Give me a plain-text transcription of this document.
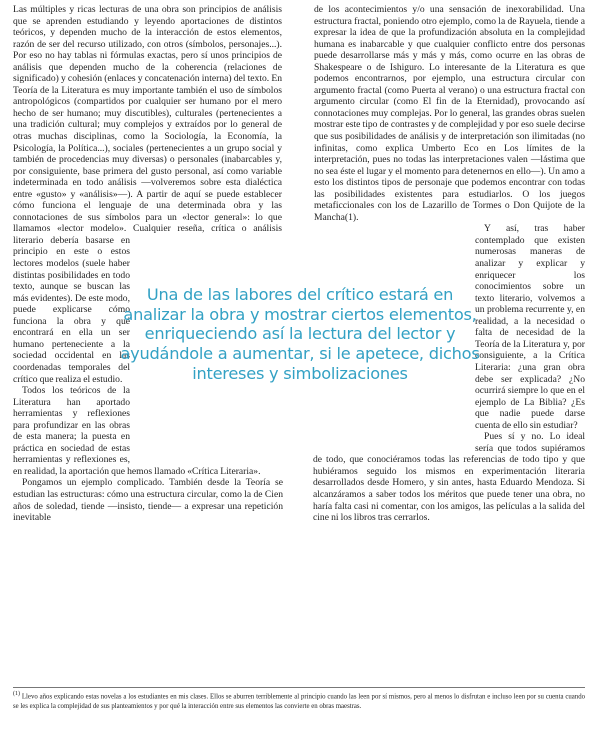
Las múltiples y ricas lecturas de una obra son principios de análisis que se aprenden estudiando y leyendo aportaciones de distintos teóricos, y dependen mucho de la interacción de estos elementos, razón de ser del recurso utilizado, con otros (símbolos, personajes...). Por eso no hay tablas ni fórmulas exactas, pero sí unos principios de análisis que dependen mucho de la coherencia (relaciones de significado) y cohesión (enlaces y concatenación interna) del texto. En Teoría de la Literatura es muy importante también el uso de símbolos antropológicos (compartidos por cualquier ser humano por el mero hecho de ser humano; muy discutibles), culturales (pertenecientes a una tradición cultural; muy complejos y extraídos por lo general de otras muchas disciplinas, como la Sociología, la Economía, la Psicología, la Política...), sociales (pertenecientes a un grupo social y también de procedencias muy diversas) o personales (inabarcables y, por consiguiente, base primera del gusto personal, así como variable indeterminada en todo análisis —volveremos sobre esta dialéctica entre «gusto» y «análisis»—). A partir de aquí se puede establecer cómo funciona el lenguaje de una determinada obra y las connotaciones de sus símbolos para un «lector general»: lo que llamamos «lector modelo». Cualquier reseña, crítica o análisis literario debería basarse en principio en este o estos lectores modelos (suele haber distintas posibilidades en todo texto, aunque se buscan las más evidentes). De este modo, puede explicarse cómo funciona la obra y qué encontrará en ella un ser humano perteneciente a la sociedad occidental en las coordenadas temporales del crítico que realiza el estudio.

Todos los teóricos de la Literatura han aportado herramientas y reflexiones para profundizar en las obras de esta manera; la puesta en práctica en sociedad de estas herramientas y reflexiones es, en realidad, la aportación que hemos llamado «Crítica Literaria».

Pongamos un ejemplo complicado. También desde la Teoría se estudian las estructuras: cómo una estructura circular, como la de Cien años de soledad, tiende —insisto, tiende— a expresar una repetición inevitable

de los acontecimientos y/o una sensación de inexorabilidad. Una estructura fractal, poniendo otro ejemplo, como la de Rayuela, tiende a expresar la idea de que la profundización absoluta en la complejidad humana es inabarcable y que cualquier conflicto entre dos personas puede desarrollarse más y más y más, como ocurre en las obras de Shakespeare o de Ishiguro. Lo interesante de la Literatura es que podemos encontrarnos, por ejemplo, una estructura circular con argumento fractal (como Puerta al verano) o una estructura fractal con argumento circular (como El fin de la Eternidad), provocando así connotaciones muy complejas. Por lo general, las grandes obras suelen mostrar este tipo de contrastes y de complejidad y por eso suele decirse que sus posibilidades de análisis y de interpretación son ilimitadas (no infinitas, como explica Umberto Eco en Los límites de la interpretación, pues no todas las interpretaciones valen —lástima que no sea éste el lugar y el momento para detenernos en ello—). Un amo a esto los distintos tipos de personaje que podemos encontrar con todas las posibilidades existentes para estudiarlos. O los juegos metaficcionales con los de Lazarillo de Tormes o Don Quijote de la Mancha(1).

Y así, tras haber contemplado que existen numerosas maneras de analizar y explicar y enriquecer los conocimientos sobre un texto literario, volvemos a un problema recurrente y, en realidad, a la necesidad o falta de necesidad de la Teoría de la Literatura y, por consiguiente, a la Crítica Literaria: ¿una gran obra debe ser explicada? ¿No ocurrirá siempre lo que en el ejemplo de La Biblia? ¿Es que nadie puede darse cuenta de ello sin estudiar?

Pues sí y no. Lo ideal sería que todos supiéramos de todo, que conociéramos todas las referencias de todo tipo y que hubiéramos seguido los mismos en experimentación literaria desarrollados desde Homero, y sin antes, hasta Eduardo Mendoza. Si alcanzáramos a saber todos los méritos que puede tener una obra, no haría falta casi ni comentar, con los amigos, las películas a la salida del cine ni los libros tras cerrarlos.

Una de las labores del crítico estará en analizar la obra y mostrar ciertos elementos, enriqueciendo así la lectura del lector y ayudándole a aumentar, si le apetece, dichos intereses y simbolizaciones
$^{(1)}$ Llevo años explicando estas novelas a los estudiantes en mis clases. Ellos se aburren terriblemente al principio cuando las leen por sí mismos, pero al menos lo disfrutan e incluso leen por su cuenta cuando se les explica la complejidad de sus planteamientos y por qué la interacción entre sus elementos las convierte en obras maestras.
